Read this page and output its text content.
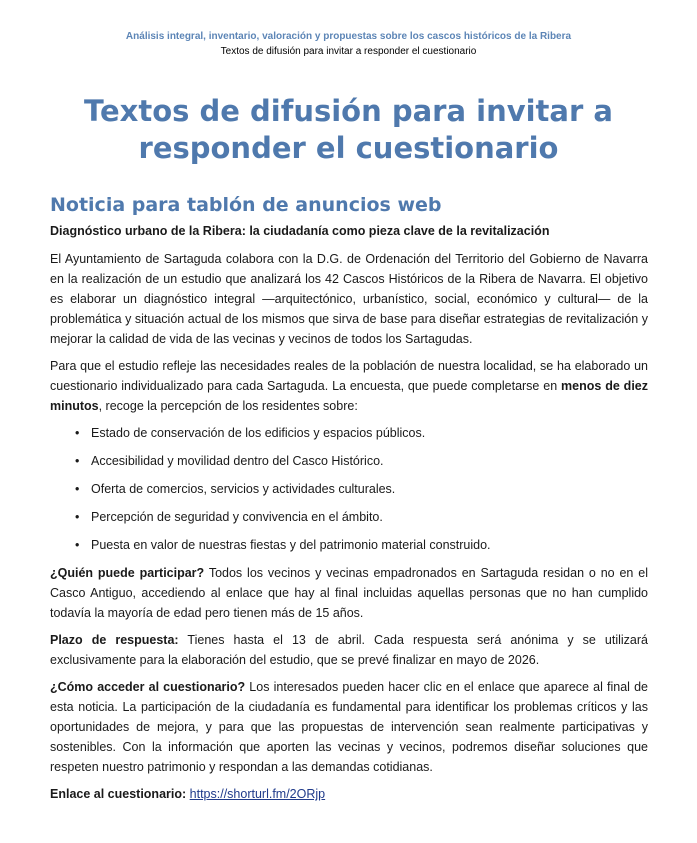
Análisis integral, inventario, valoración y propuestas sobre los cascos históricos de la Ribera
Textos de difusión para invitar a responder el cuestionario
Textos de difusión para invitar a responder el cuestionario
Noticia para tablón de anuncios web

Diagnóstico urbano de la Ribera: la ciudadanía como pieza clave de la revitalización

El Ayuntamiento de Sartaguda colabora con la D.G. de Ordenación del Territorio del Gobierno de Navarra en la realización de un estudio que analizará los 42 Cascos Históricos de la Ribera de Navarra. El objetivo es elaborar un diagnóstico integral —arquitectónico, urbanístico, social, económico y cultural— de la problemática y situación actual de los mismos que sirva de base para diseñar estrategias de revitalización y mejorar la calidad de vida de las vecinas y vecinos de todos los Sartagudas.

Para que el estudio refleje las necesidades reales de la población de nuestra localidad, se ha elaborado un cuestionario individualizado para cada Sartaguda. La encuesta, que puede completarse en menos de diez minutos, recoge la percepción de los residentes sobre:

• Estado de conservación de los edificios y espacios públicos.
• Accesibilidad y movilidad dentro del Casco Histórico.
• Oferta de comercios, servicios y actividades culturales.
• Percepción de seguridad y convivencia en el ámbito.
• Puesta en valor de nuestras fiestas y del patrimonio material construido.

¿Quién puede participar? Todos los vecinos y vecinas empadronados en Sartaguda residan o no en el Casco Antiguo, accediendo al enlace que hay al final incluidas aquellas personas que no han cumplido todavía la mayoría de edad pero tienen más de 15 años.

Plazo de respuesta: Tienes hasta el 13 de abril. Cada respuesta será anónima y se utilizará exclusivamente para la elaboración del estudio, que se prevé finalizar en mayo de 2026.

¿Cómo acceder al cuestionario? Los interesados pueden hacer clic en el enlace que aparece al final de esta noticia. La participación de la ciudadanía es fundamental para identificar los problemas críticos y las oportunidades de mejora, y para que las propuestas de intervención sean realmente participativas y sostenibles. Con la información que aporten las vecinas y vecinos, podremos diseñar soluciones que respeten nuestro patrimonio y respondan a las demandas cotidianas.

Enlace al cuestionario: https://shorturl.fm/2ORjp
